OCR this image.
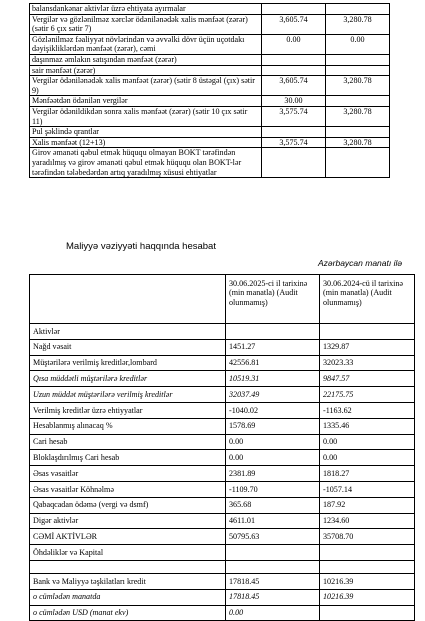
balansdankənar aktivlər üzrə ehtiyata ayırmalar		
Vergilər və gözlənilməz xərclər ödənilənədək xalis mənfəət (zərər) (sətir 6 çıx sətir 7)	3,605.74	3,280.78
Gözlənilməz fəaliyyət növlərindən və əvvəlki dövr üçün uçotdakı dəyişikliklərdən mənfəət (zərər), cəmi	0.00	0.00
daşınmaz əmlakın satışından mənfəət (zərər)		
sair mənfəət (zərər)		
Vergilər ödənilənədək xalis mənfəət (zərər) (sətir 8 üstəgəl (çıx) sətir 9)	3,605.74	3,280.78
Mənfəətdən ödənilən vergilər	30.00	
Vergilər ödənildikdən sonra xalis mənfəət (zərər) (sətir 10 çıx sətir 11)	3,575.74	3,280.78
Pul şəklində qrantlar		
Xalis mənfəət (12+13)	3,575.74	3,280.78
Girov əmanəti qəbul etmək hüququ olmayan BOKT tərəfindən yaradılmış və girov əmanəti qəbul etmək hüququ olan BOKT-lər tərəfindən tələbedərdən artıq yaradılmış xüsusi ehtiyatlar		
Maliyyə vəziyyəti haqqında hesabat
Azərbaycan manatı ilə
	30.06.2025-ci il tarixinə (min manatla) (Audit olunmamış)	30.06.2024-cü il tarixinə (min manatla) (Audit olunmamış)
Aktivlər		
Nağd vəsait	1451.27	1329.87
Müştərilərə verilmiş kreditlər,lombard	42556.81	32023.33
Qısa müddətli müştərilərə kreditlər	10519.31	9847.57
Uzun müddət müştərilərə verilmiş kreditlər	32037.49	22175.75
Verilmiş kreditlər üzrə ehtiyyatlar	-1040.02	-1163.62
Hesablanmış alınacaq %	1578.69	1335.46
Cari hesab	0.00	0.00
Bloklaşdırılmış Cari hesab	0.00	0.00
Əsas vəsaitlər	2381.89	1818.27
Əsas vəsaitlər Köhnəlmə	-1109.70	-1057.14
Qabaqcadan ödəmə (vergi və dsmf)	365.68	187.92
Digər aktivlər	4611.01	1234.60
CƏMİ AKTİVLƏR	50795.63	35708.70
Öhdəliklər və Kapital		

Bank və Maliyyə təşkilatları kredit	17818.45	10216.39
o cümlədən manatda	17818.45	10216.39
o cümlədən USD (manat ekv)	0.00	
